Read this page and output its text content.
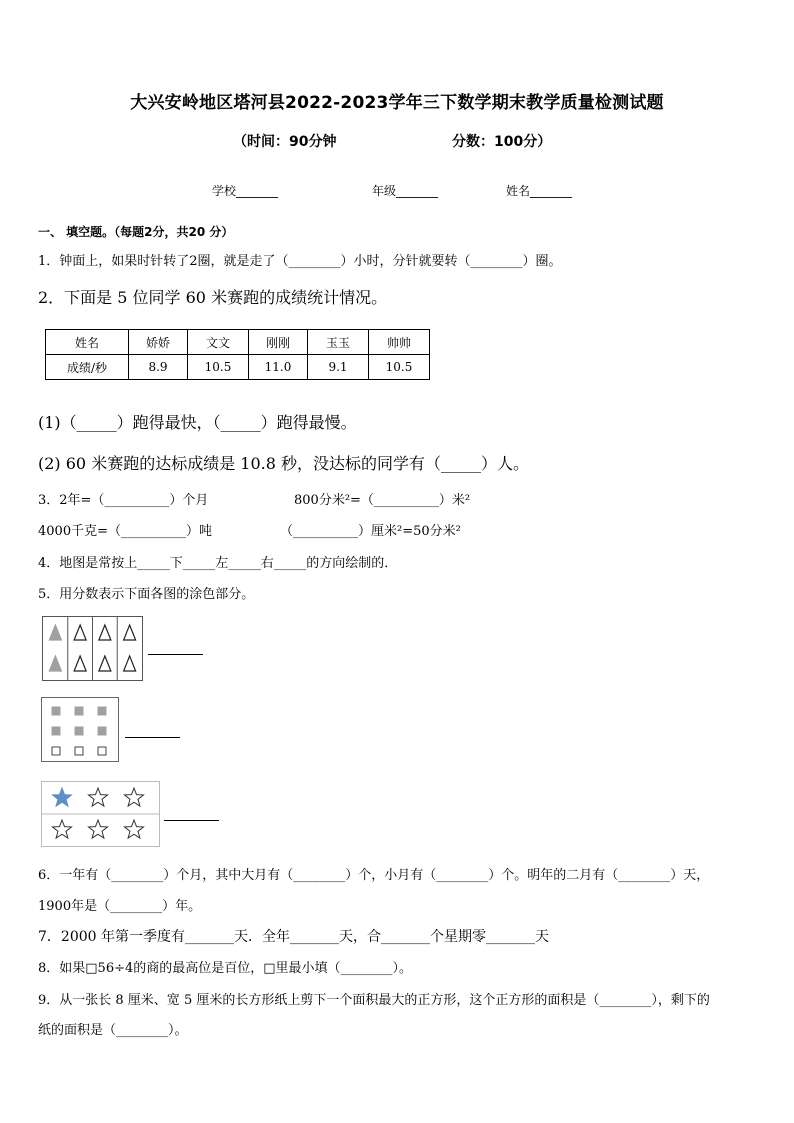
大兴安岭地区塔河县2022-2023学年三下数学期末教学质量检测试题
（时间：90分钟	分数：100分）
学校_______	年级_______	姓名_______
一、 填空题。（每题2分，共20 分）
1．钟面上，如果时针转了2圈，就是走了（________）小时，分针就要转（________）圈。
2．下面是 5 位同学 60 米赛跑的成绩统计情况。
姓名	娇娇	文文	刚刚	玉玉	帅帅
成绩/秒	8.9	10.5	11.0	9.1	10.5
(1)（_____）跑得最快，（_____）跑得最慢。
(2) 60 米赛跑的达标成绩是 10.8 秒，没达标的同学有（_____）人。
3．2年=（__________）个月	800分米²=（__________）米²
4000千克=（__________）吨	（__________）厘米²=50分米²
4．地图是常按上_____下_____左_____右_____的方向绘制的．
5．用分数表示下面各图的涂色部分。
6．一年有（________）个月，其中大月有（________）个，小月有（________）个。明年的二月有（________）天，
1900年是（________）年。
7．2000 年第一季度有_______天．全年_______天，合_______个星期零_______天
8．如果□56÷4的商的最高位是百位，□里最小填（________）。
9．从一张长 8 厘米、宽 5 厘米的长方形纸上剪下一个面积最大的正方形，这个正方形的面积是（________），剩下的
纸的面积是（________）。
